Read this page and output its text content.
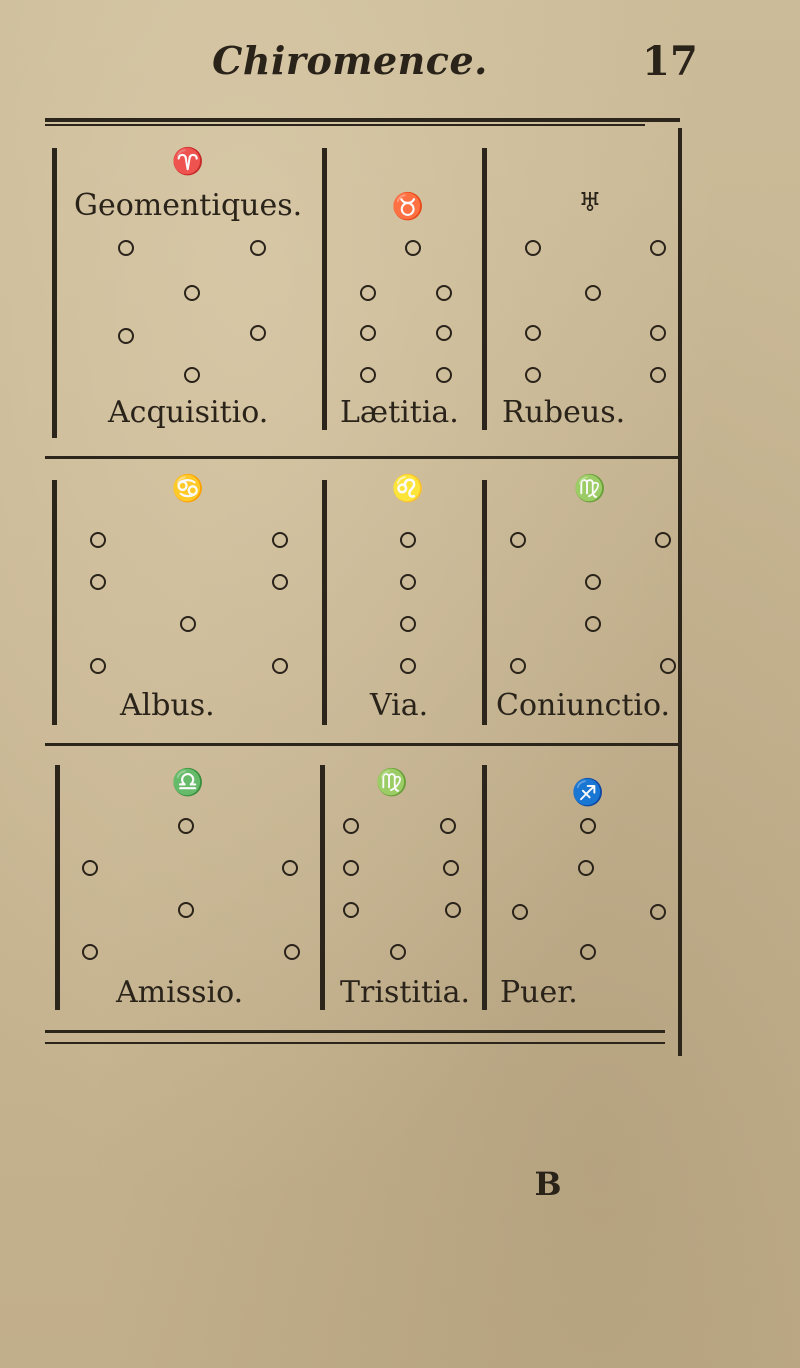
Chiromence.	17
♈
Geomentiques.
Acquisitio.
♉
Lætitia.
♅
Rubeus.
♋
Albus.
♌
Via.
♍
Coniunctio.
♎
Amissio.
♍
Tristitia.
♐
Puer.
B
